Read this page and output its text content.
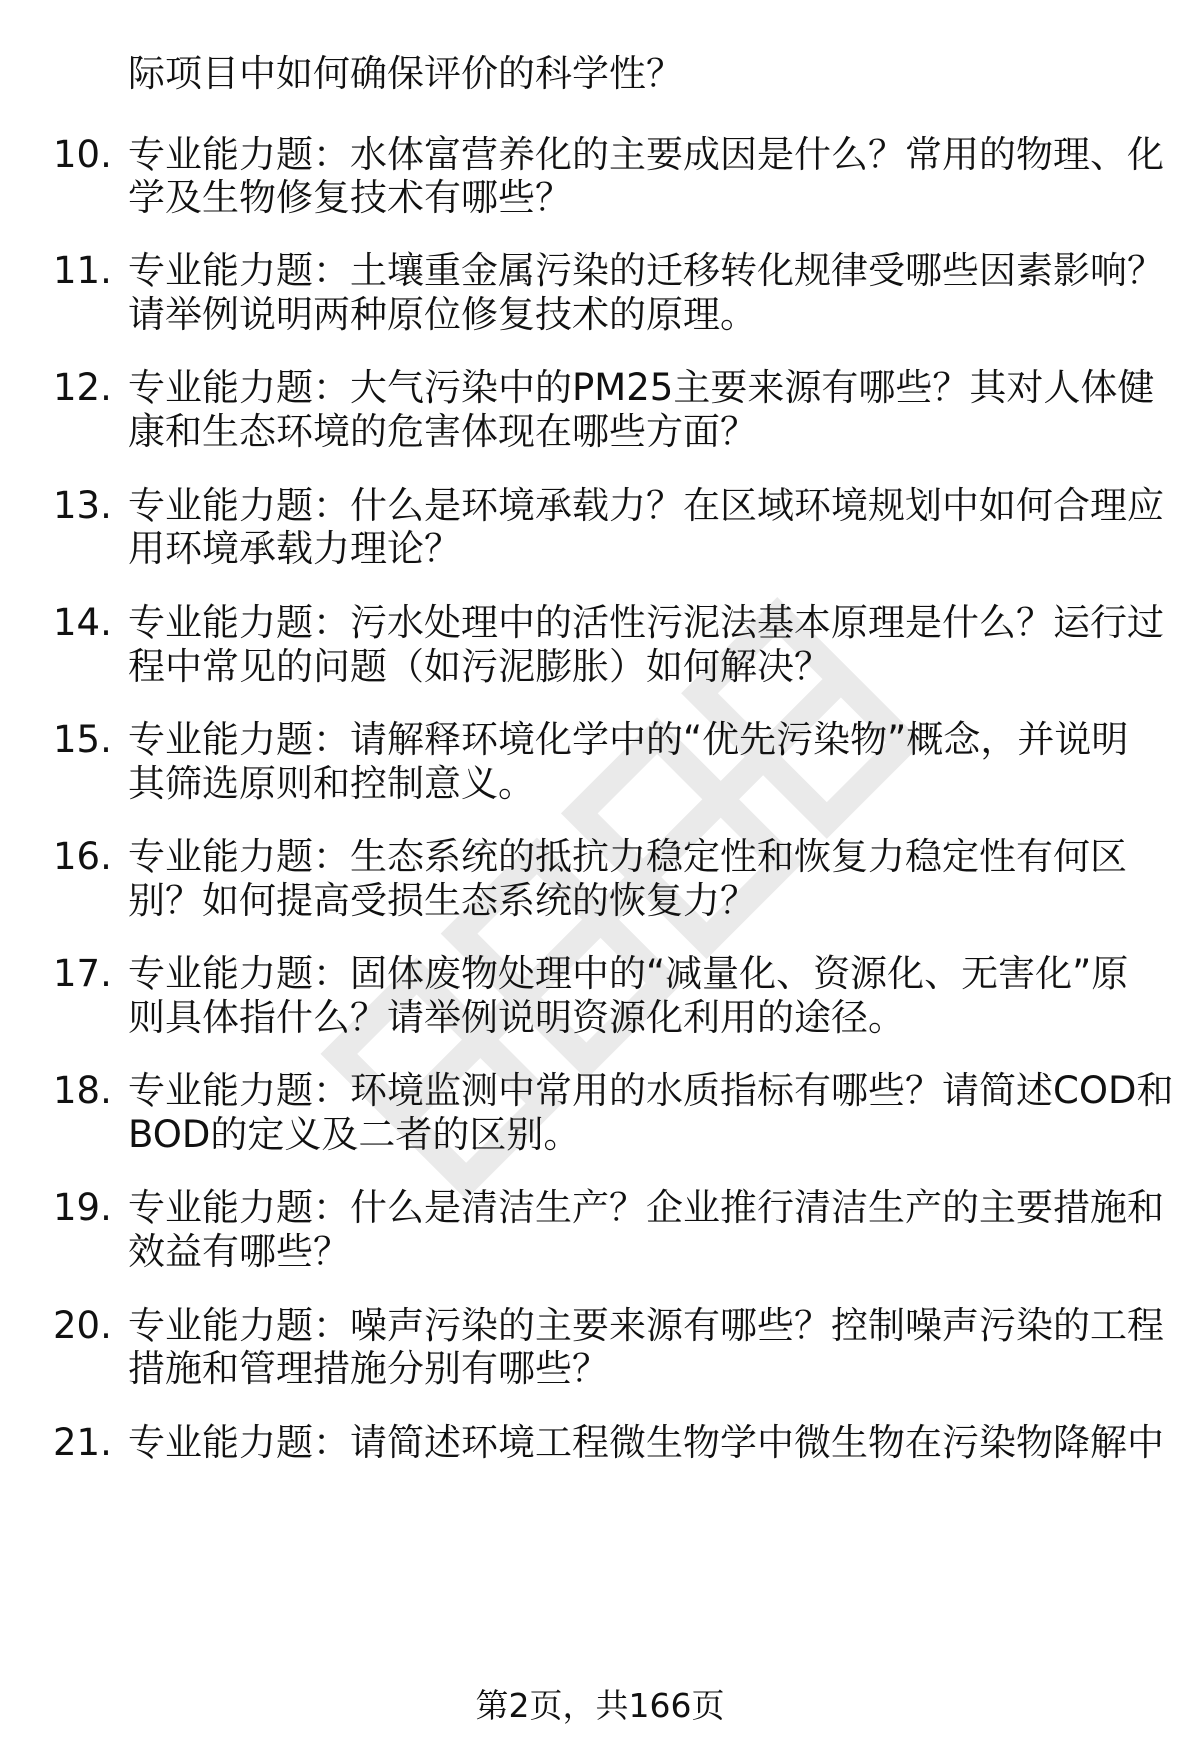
际项目中如何确保评价的科学性？
10. 专业能力题：水体富营养化的主要成因是什么？常用的物理、化
学及生物修复技术有哪些？
11. 专业能力题：土壤重金属污染的迁移转化规律受哪些因素影响？
请举例说明两种原位修复技术的原理。
12. 专业能力题：大气污染中的PM25主要来源有哪些？其对人体健
康和生态环境的危害体现在哪些方面？
13. 专业能力题：什么是环境承载力？在区域环境规划中如何合理应
用环境承载力理论？
14. 专业能力题：污水处理中的活性污泥法基本原理是什么？运行过
程中常见的问题（如污泥膨胀）如何解决？
15. 专业能力题：请解释环境化学中的“优先污染物”概念，并说明
其筛选原则和控制意义。
16. 专业能力题：生态系统的抵抗力稳定性和恢复力稳定性有何区
别？如何提高受损生态系统的恢复力？
17. 专业能力题：固体废物处理中的“减量化、资源化、无害化”原
则具体指什么？请举例说明资源化利用的途径。
18. 专业能力题：环境监测中常用的水质指标有哪些？请简述COD和
BOD的定义及二者的区别。
19. 专业能力题：什么是清洁生产？企业推行清洁生产的主要措施和
效益有哪些？
20. 专业能力题：噪声污染的主要来源有哪些？控制噪声污染的工程
措施和管理措施分别有哪些？
21. 专业能力题：请简述环境工程微生物学中微生物在污染物降解中
第2页，共166页
